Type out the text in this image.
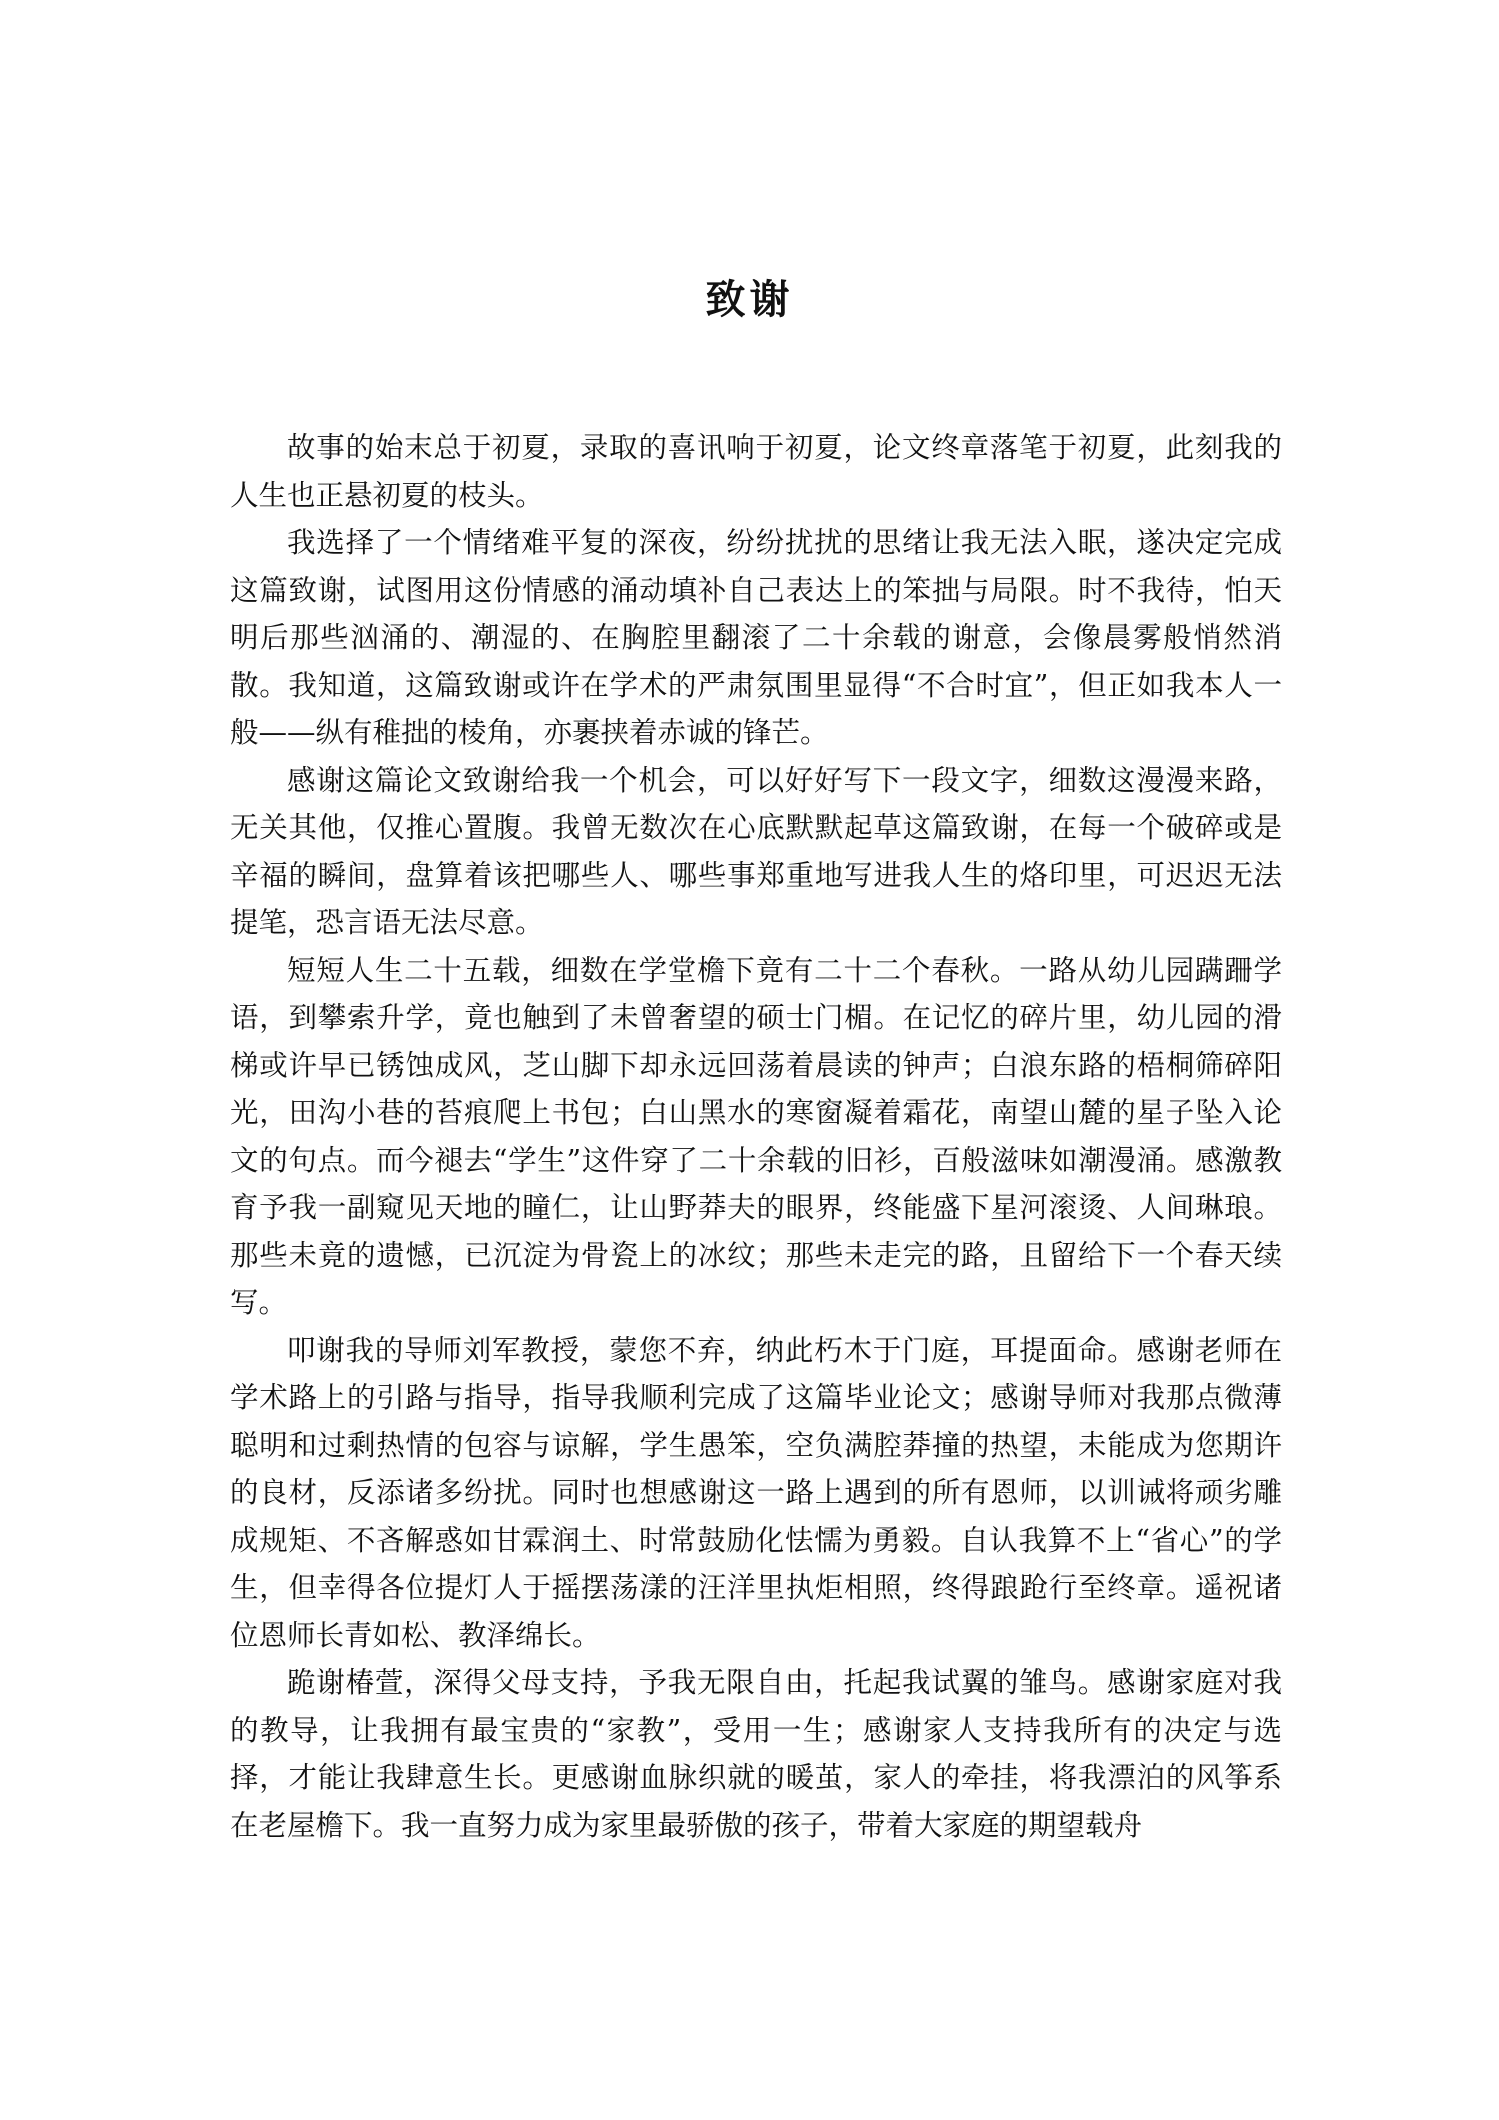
致谢

故事的始末总于初夏，录取的喜讯响于初夏，论文终章落笔于初夏，此刻我的人生也正悬初夏的枝头。

我选择了一个情绪难平复的深夜，纷纷扰扰的思绪让我无法入眠，遂决定完成这篇致谢，试图用这份情感的涌动填补自己表达上的笨拙与局限。时不我待，怕天明后那些汹涌的、潮湿的、在胸腔里翻滚了二十余载的谢意，会像晨雾般悄然消散。我知道，这篇致谢或许在学术的严肃氛围里显得“不合时宜”，但正如我本人一般——纵有稚拙的棱角，亦裹挟着赤诚的锋芒。

感谢这篇论文致谢给我一个机会，可以好好写下一段文字，细数这漫漫来路，无关其他，仅推心置腹。我曾无数次在心底默默起草这篇致谢，在每一个破碎或是辛福的瞬间，盘算着该把哪些人、哪些事郑重地写进我人生的烙印里，可迟迟无法提笔，恐言语无法尽意。

短短人生二十五载，细数在学堂檐下竟有二十二个春秋。一路从幼儿园蹒跚学语，到攀索升学，竟也触到了未曾奢望的硕士门楣。在记忆的碎片里，幼儿园的滑梯或许早已锈蚀成风，芝山脚下却永远回荡着晨读的钟声；白浪东路的梧桐筛碎阳光，田沟小巷的苔痕爬上书包；白山黑水的寒窗凝着霜花，南望山麓的星子坠入论文的句点。而今褪去“学生”这件穿了二十余载的旧衫，百般滋味如潮漫涌。感激教育予我一副窥见天地的瞳仁，让山野莽夫的眼界，终能盛下星河滚烫、人间琳琅。那些未竟的遗憾，已沉淀为骨瓷上的冰纹；那些未走完的路，且留给下一个春天续写。

叩谢我的导师刘军教授，蒙您不弃，纳此朽木于门庭，耳提面命。感谢老师在学术路上的引路与指导，指导我顺利完成了这篇毕业论文；感谢导师对我那点微薄聪明和过剩热情的包容与谅解，学生愚笨，空负满腔莽撞的热望，未能成为您期许的良材，反添诸多纷扰。同时也想感谢这一路上遇到的所有恩师，以训诫将顽劣雕成规矩、不吝解惑如甘霖润土、时常鼓励化怯懦为勇毅。自认我算不上“省心”的学生，但幸得各位提灯人于摇摆荡漾的汪洋里执炬相照，终得踉跄行至终章。遥祝诸位恩师长青如松、教泽绵长。

跪谢椿萱，深得父母支持，予我无限自由，托起我试翼的雏鸟。感谢家庭对我的教导，让我拥有最宝贵的“家教”，受用一生；感谢家人支持我所有的决定与选择，才能让我肆意生长。更感谢血脉织就的暖茧，家人的牵挂，将我漂泊的风筝系在老屋檐下。我一直努力成为家里最骄傲的孩子，带着大家庭的期望载舟
